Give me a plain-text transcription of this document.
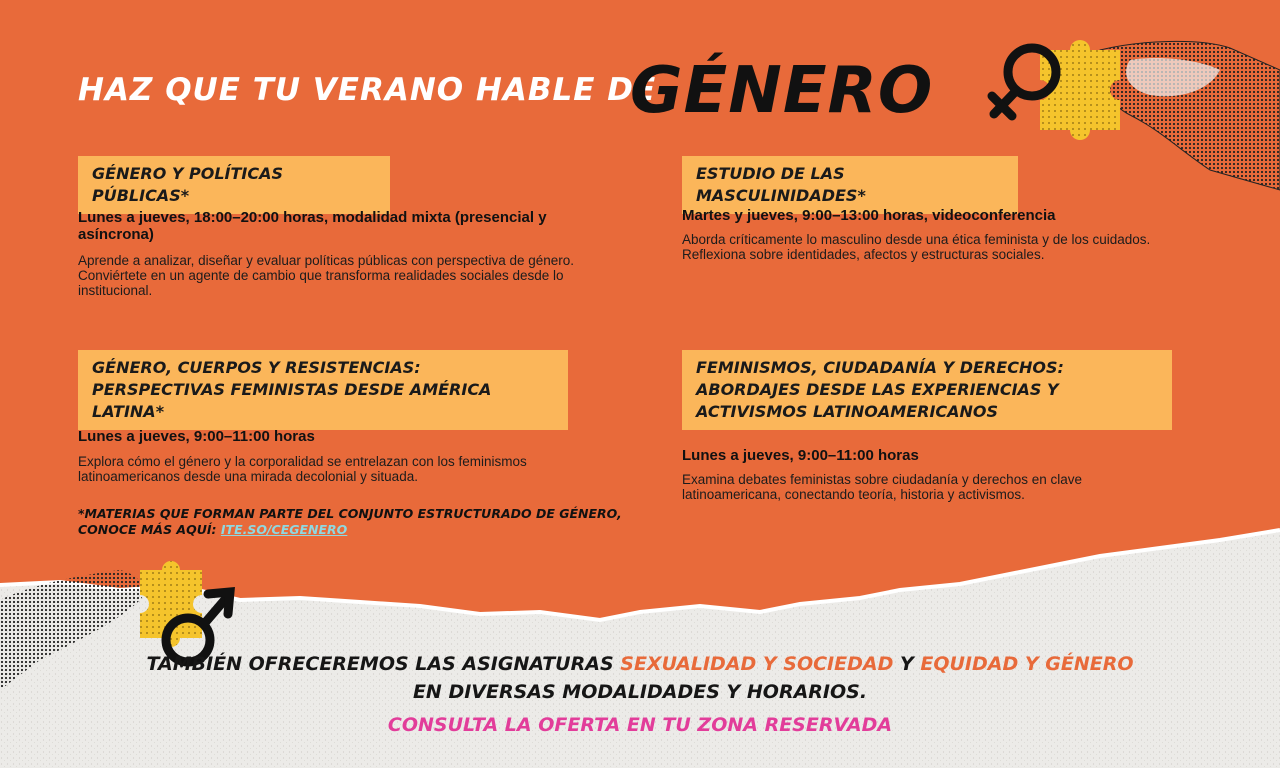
HAZ QUE TU VERANO HABLE DE
GÉNERO
GÉNERO Y POLÍTICAS PÚBLICAS*
Lunes a jueves, 18:00–20:00 horas, modalidad mixta (presencial y asíncrona)
Aprende a analizar, diseñar y evaluar políticas públicas con perspectiva de género. Conviértete en un agente de cambio que transforma realidades sociales desde lo institucional.
ESTUDIO DE LAS MASCULINIDADES*
Martes y jueves, 9:00–13:00 horas, videoconferencia
Aborda críticamente lo masculino desde una ética feminista y de los cuidados. Reflexiona sobre identidades, afectos y estructuras sociales.
GÉNERO, CUERPOS Y RESISTENCIAS: PERSPECTIVAS FEMINISTAS DESDE AMÉRICA LATINA*
Lunes a jueves, 9:00–11:00 horas
Explora cómo el género y la corporalidad se entrelazan con los feminismos latinoamericanos desde una mirada decolonial y situada.
FEMINISMOS, CIUDADANÍA Y DERECHOS: ABORDAJES DESDE LAS EXPERIENCIAS Y ACTIVISMOS LATINOAMERICANOS
Lunes a jueves, 9:00–11:00 horas
Examina debates feministas sobre ciudadanía y derechos en clave latinoamericana, conectando teoría, historia y activismos.
*MATERIAS QUE FORMAN PARTE DEL CONJUNTO ESTRUCTURADO DE GÉNERO,
CONOCE MÁS AQUÍ: ITE.SO/CEGENERO
TAMBIÉN OFRECEREMOS LAS ASIGNATURAS SEXUALIDAD Y SOCIEDAD Y EQUIDAD Y GÉNERO
EN DIVERSAS MODALIDADES Y HORARIOS.
CONSULTA LA OFERTA EN TU ZONA RESERVADA
